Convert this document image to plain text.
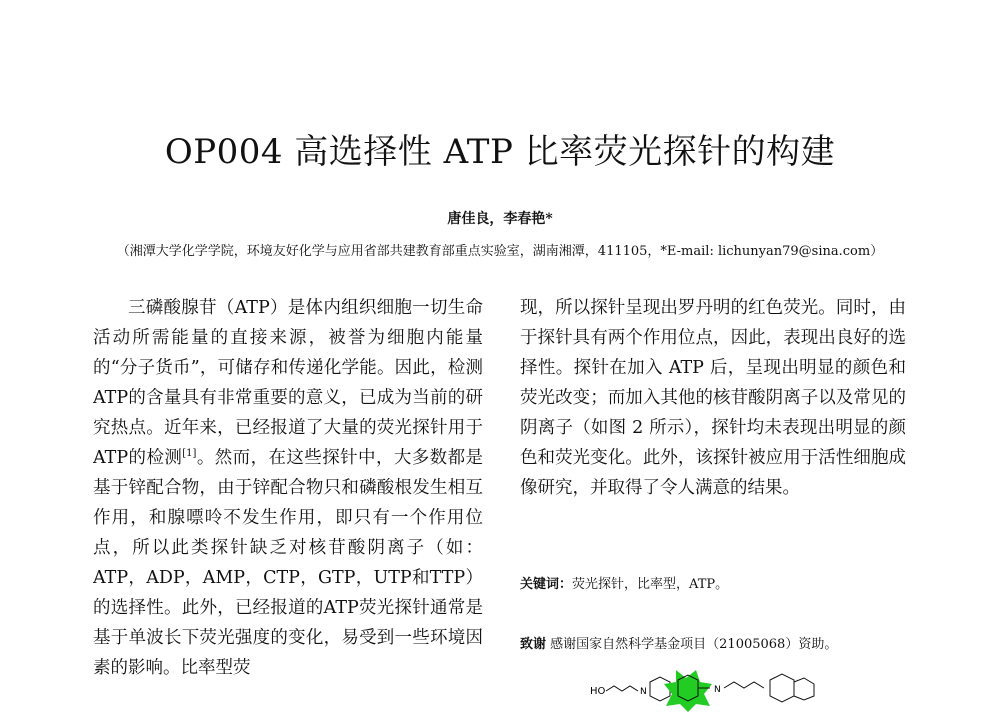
OP004 高选择性 ATP 比率荧光探针的构建
唐佳良，李春艳*
（湘潭大学化学学院，环境友好化学与应用省部共建教育部重点实验室，湖南湘潭，411105，*E-mail: lichunyan79@sina.com）

三磷酸腺苷（ATP）是体内组织细胞一切生命活动所需能量的直接来源，被誉为细胞内能量的“分子货币”，可储存和传递化学能。因此，检测ATP的含量具有非常重要的意义，已成为当前的研究热点。近年来，已经报道了大量的荧光探针用于ATP的检测[1]。然而，在这些探针中，大多数都是基于锌配合物，由于锌配合物只和磷酸根发生相互作用，和腺嘌呤不发生作用，即只有一个作用位点，所以此类探针缺乏对核苷酸阴离子（如：ATP，ADP，AMP，CTP，GTP，UTP和TTP）的选择性。此外，已经报道的ATP荧光探针通常是基于单波长下荧光强度的变化，易受到一些环境因素的影响。比率型荧

现，所以探针呈现出罗丹明的红色荧光。同时，由于探针具有两个作用位点，因此，表现出良好的选择性。探针在加入 ATP 后，呈现出明显的颜色和荧光改变；而加入其他的核苷酸阴离子以及常见的阴离子（如图 2 所示），探针均未表现出明显的颜色和荧光变化。此外，该探针被应用于活性细胞成像研究，并取得了令人满意的结果。

关键词：荧光探针，比率型，ATP。
致谢 感谢国家自然科学基金项目（21005068）资助。
HO	N	N
